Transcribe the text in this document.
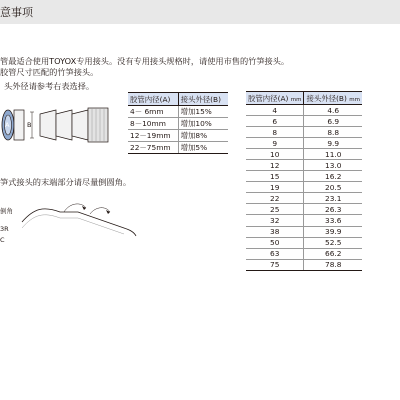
意事项
管最适合使用TOYOX专用接头。没有专用接头规格时，请使用市售的竹笋接头。
胶管尺寸匹配的竹笋接头。
头外径请参考右表选择。
A	B
胶管内径(A)	接头外径(B)
4－ 6mm	增加15%
8－10mm	增加10%
12－19mm	增加8%
22－75mm	增加5%
胶管内径(A) mm	接头外径(B) mm
4	4.6
6	6.9
8	8.8
9	9.9
10	11.0
12	13.0
15	16.2
19	20.5
22	23.1
25	26.3
32	33.6
38	39.9
50	52.5
63	66.2
75	78.8
笋式接头的末端部分请尽量倒圆角。
倒角
3R
C
